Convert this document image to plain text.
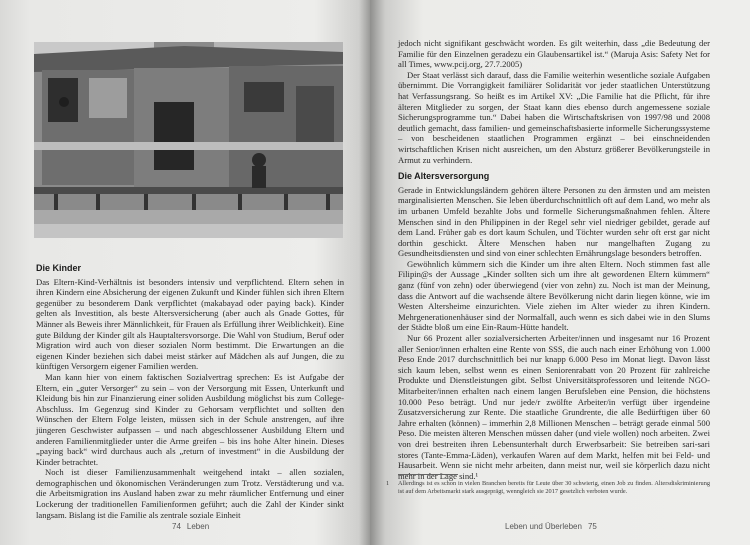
Die Kinder

Das Eltern-Kind-Verhältnis ist besonders intensiv und verpflichtend. Eltern sehen in ihren Kindern eine Absicherung der eigenen Zukunft und Kinder fühlen sich ihren Eltern gegenüber zu besonderem Dank verpflichtet (makabayad oder paying back). Kinder gelten als Investition, als beste Altersversicherung (aber auch als Gnade Gottes, für Männer als Beweis ihrer Männlichkeit, für Frauen als Erfüllung ihrer Weiblichkeit). Eine gute Bildung der Kinder gilt als Hauptaltersvorsorge. Die Wahl von Studium, Beruf oder Migration wird auch von dieser sozialen Norm bestimmt. Die Erwartungen an die eigenen Kinder beziehen sich dabei meist stärker auf Mädchen als auf Jungen, die zu künftigen Versorgern eigener Familien werden.

Man kann hier von einem faktischen Sozialvertrag sprechen: Es ist Aufgabe der Eltern, ein „guter Versorger“ zu sein – von der Versorgung mit Essen, Unterkunft und Kleidung bis hin zur Finanzierung einer soliden Ausbildung möglichst bis zum College-Abschluss. Im Gegenzug sind Kinder zu Gehorsam verpflichtet und sollten den Wünschen der Eltern Folge leisten, müssen sich in der Schule anstrengen, auf ihre jüngeren Geschwister aufpassen – und nach abgeschlossener Ausbildung Eltern und anderen Familienmitglieder unter die Arme greifen – bis ins hohe Alter hinein. Dieses „paying back“ wird durchaus auch als „return of investment“ in die Ausbildung der Kinder betrachtet.

Noch ist dieser Familienzusammenhalt weitgehend intakt – allen sozialen, demographischen und ökonomischen Veränderungen zum Trotz. Verstädterung und v.a. die Arbeitsmigration ins Ausland haben zwar zu mehr räumlicher Entfernung und einer Lockerung der traditionellen Familienformen geführt; auch die Zahl der Kinder sinkt langsam. Bislang ist die Familie als zentrale soziale Einheit

74 Leben

jedoch nicht signifikant geschwächt worden. Es gilt weiterhin, dass „die Bedeutung der Familie für den Einzelnen geradezu ein Glaubensartikel ist.“ (Maruja Asis: Safety Net for all Times, www.pcij.org, 27.7.2005)

Der Staat verlässt sich darauf, dass die Familie weiterhin wesentliche soziale Aufgaben übernimmt. Die Vorrangigkeit familiärer Solidarität vor jeder staatlichen Unterstützung hat Verfassungsrang. So heißt es im Artikel XV: „Die Familie hat die Pflicht, für ihre älteren Mitglieder zu sorgen, der Staat kann dies ebenso durch angemessene soziale Sicherungsprogramme tun.“ Dabei haben die Wirtschaftskrisen von 1997/98 und 2008 deutlich gemacht, dass familien- und gemeinschaftsbasierte informelle Sicherungssysteme – von bescheidenen staatlichen Programmen ergänzt – bei einschneidenden wirtschaftlichen Krisen nicht ausreichen, um den Absturz größerer Bevölkerungsteile in Armut zu verhindern.

Die Altersversorgung

Gerade in Entwicklungsländern gehören ältere Personen zu den ärmsten und am meisten marginalisierten Menschen. Sie leben überdurchschnittlich oft auf dem Land, wo mehr als im urbanen Umfeld bezahlte Jobs und formelle Sicherungsmaßnahmen fehlen. Ältere Menschen sind in den Philippinen in der Regel sehr viel niedriger gebildet, gerade auf dem Land. Früher gab es dort kaum Schulen, und Töchter wurden sehr oft erst gar nicht dorthin geschickt. Ältere Menschen haben nur mangelhaften Zugang zu Gesundheitsdiensten und sind von einer schlechten Ernährungslage besonders betroffen.

Gewöhnlich kümmern sich die Kinder um ihre alten Eltern. Noch stimmen fast alle Filipin@s der Aussage „Kinder sollten sich um ihre alt gewordenen Eltern kümmern“ ganz (fünf von zehn) oder überwiegend (vier von zehn) zu. Noch ist man der Meinung, dass die Antwort auf die wachsende ältere Bevölkerung nicht darin liegen könne, wie im Westen Altersheime einzurichten. Viele ziehen im Alter wieder zu ihren Kindern. Mehrgenerationenhäuser sind der Normalfall, auch wenn es sich dabei wie in den Slums der Städte bloß um eine Ein-Raum-Hütte handelt.

Nur 66 Prozent aller sozialversicherten Arbeiter/innen und insgesamt nur 16 Prozent aller Senior/innen erhalten eine Rente von SSS, die auch nach einer Erhöhung von 1.000 Peso Ende 2017 durchschnittlich bei nur knapp 6.000 Peso im Monat liegt. Davon lässt sich kaum leben, selbst wenn es einen Seniorenrabatt von 20 Prozent für zahlreiche Produkte und Dienstleistungen gibt. Selbst Universitätsprofessoren und leitende NGO-Mitarbeiter/innen erhalten nach einem langen Berufsleben eine Pension, die höchstens 10.000 Peso beträgt. Und nur jede/r zwölfte Arbeiter/in verfügt über irgendeine Zusatzversicherung zur Rente. Die staatliche Grundrente, die alle Bedürftigen über 60 Jahre erhalten (können) – immerhin 2,8 Millionen Menschen – beträgt gerade einmal 500 Peso. Die meisten älteren Menschen müssen daher (und viele wollen) noch arbeiten. Zwei von drei bestreiten ihren Lebensunterhalt durch Erwerbsarbeit: Sie betreiben sari-sari stores (Tante-Emma-Läden), verkaufen Waren auf dem Markt, helfen mit bei Feld- und Hausarbeit. Wenn sie nicht mehr arbeiten, dann meist nur, weil sie körperlich dazu nicht mehr in der Lage sind.¹

1 Allerdings ist es schon in vielen Branchen bereits für Leute über 30 schwierig, einen Job zu finden. Altersdiskriminierung ist auf dem Arbeitsmarkt stark ausgeprägt, wenngleich sie 2017 gesetzlich verboten wurde.
Leben und Überleben 75
